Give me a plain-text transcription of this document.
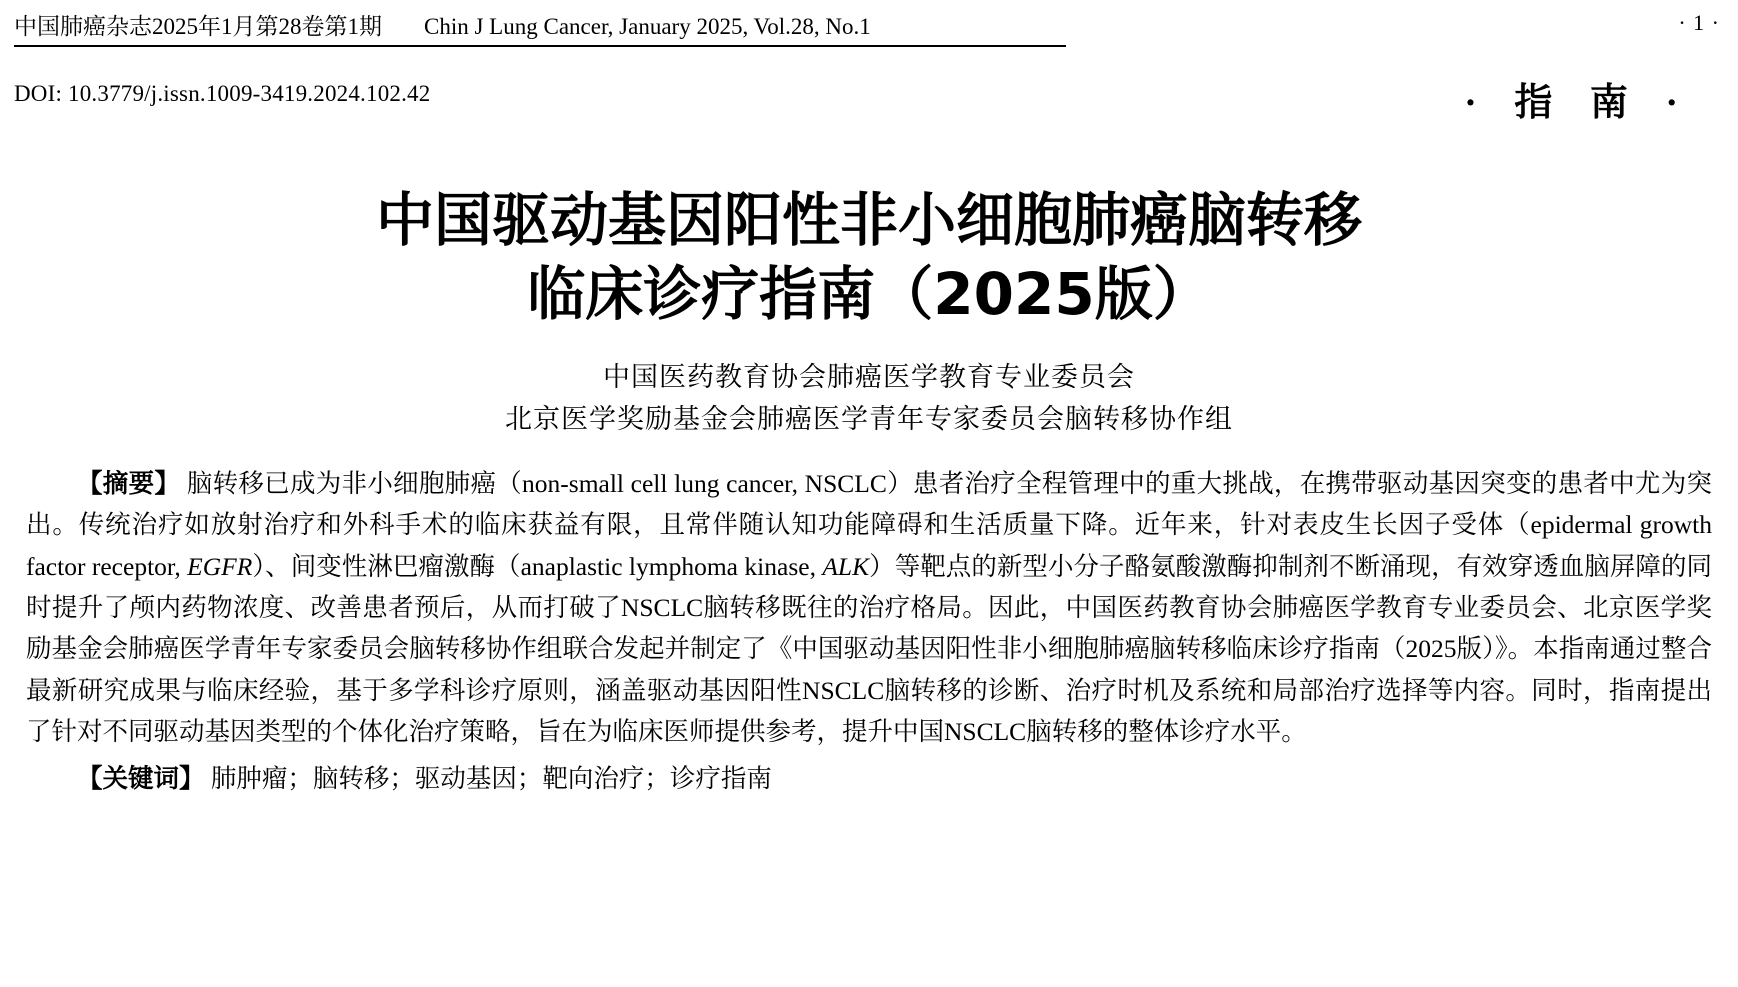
中国肺癌杂志2025年1月第28卷第1期 Chin J Lung Cancer, January 2025, Vol.28, No.1	· 1 ·
DOI: 10.3779/j.issn.1009-3419.2024.102.42	· 指 南 ·
中国驱动基因阳性非小细胞肺癌脑转移
临床诊疗指南（2025版）
中国医药教育协会肺癌医学教育专业委员会
北京医学奖励基金会肺癌医学青年专家委员会脑转移协作组

【摘要】 脑转移已成为非小细胞肺癌（non-small cell lung cancer, NSCLC）患者治疗全程管理中的重大挑战，在携带驱动基因突变的患者中尤为突出。传统治疗如放射治疗和外科手术的临床获益有限，且常伴随认知功能障碍和生活质量下降。近年来，针对表皮生长因子受体（epidermal growth factor receptor, EGFR）、间变性淋巴瘤激酶（anaplastic lymphoma kinase, ALK）等靶点的新型小分子酪氨酸激酶抑制剂不断涌现，有效穿透血脑屏障的同时提升了颅内药物浓度、改善患者预后，从而打破了NSCLC脑转移既往的治疗格局。因此，中国医药教育协会肺癌医学教育专业委员会、北京医学奖励基金会肺癌医学青年专家委员会脑转移协作组联合发起并制定了《中国驱动基因阳性非小细胞肺癌脑转移临床诊疗指南（2025版）》。本指南通过整合最新研究成果与临床经验，基于多学科诊疗原则，涵盖驱动基因阳性NSCLC脑转移的诊断、治疗时机及系统和局部治疗选择等内容。同时，指南提出了针对不同驱动基因类型的个体化治疗策略，旨在为临床医师提供参考，提升中国NSCLC脑转移的整体诊疗水平。

【关键词】 肺肿瘤；脑转移；驱动基因；靶向治疗；诊疗指南
